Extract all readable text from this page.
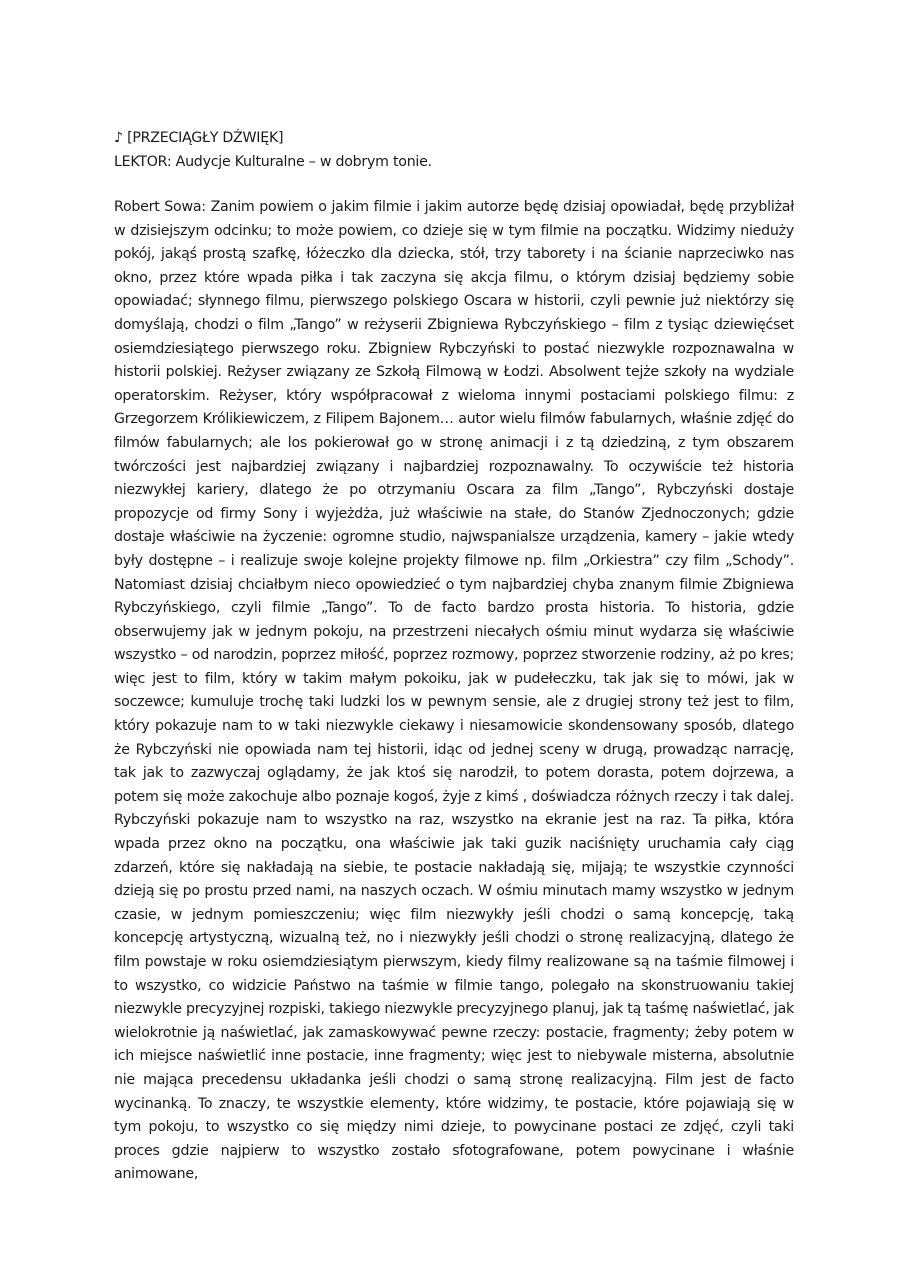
♪ [PRZECIĄGŁY DŹWIĘK]

LEKTOR: Audycje Kulturalne – w dobrym tonie.

Robert Sowa: Zanim powiem o jakim filmie i jakim autorze będę dzisiaj opowiadał, będę przybliżał w dzisiejszym odcinku; to może powiem, co dzieje się w tym filmie na początku. Widzimy nieduży pokój, jakąś prostą szafkę, łóżeczko dla dziecka, stół, trzy taborety i na ścianie naprzeciwko nas okno, przez które wpada piłka i tak zaczyna się akcja filmu, o którym dzisiaj będziemy sobie opowiadać; słynnego filmu, pierwszego polskiego Oscara w historii, czyli pewnie już niektórzy się domyślają, chodzi o film „Tango” w reżyserii Zbigniewa Rybczyńskiego – film z tysiąc dziewięćset osiemdziesiątego pierwszego roku. Zbigniew Rybczyński to postać niezwykle rozpoznawalna w historii polskiej. Reżyser związany ze Szkołą Filmową w Łodzi. Absolwent tejże szkoły na wydziale operatorskim. Reżyser, który współpracował z wieloma innymi postaciami polskiego filmu: z Grzegorzem Królikiewiczem, z Filipem Bajonem… autor wielu filmów fabularnych, właśnie zdjęć do filmów fabularnych; ale los pokierował go w stronę animacji i z tą dziedziną, z tym obszarem twórczości jest najbardziej związany i najbardziej rozpoznawalny. To oczywiście też historia niezwykłej kariery, dlatego że po otrzymaniu Oscara za film „Tango”, Rybczyński dostaje propozycje od firmy Sony i wyjeżdża, już właściwie na stałe, do Stanów Zjednoczonych; gdzie dostaje właściwie na życzenie: ogromne studio, najwspanialsze urządzenia, kamery – jakie wtedy były dostępne – i realizuje swoje kolejne projekty filmowe np. film „Orkiestra” czy film „Schody”. Natomiast dzisiaj chciałbym nieco opowiedzieć o tym najbardziej chyba znanym filmie Zbigniewa Rybczyńskiego, czyli filmie „Tango”. To de facto bardzo prosta historia. To historia, gdzie obserwujemy jak w jednym pokoju, na przestrzeni niecałych ośmiu minut wydarza się właściwie wszystko – od narodzin, poprzez miłość, poprzez rozmowy, poprzez stworzenie rodziny, aż po kres; więc jest to film, który w takim małym pokoiku, jak w pudełeczku, tak jak się to mówi, jak w soczewce; kumuluje trochę taki ludzki los w pewnym sensie, ale z drugiej strony też jest to film, który pokazuje nam to w taki niezwykle ciekawy i niesamowicie skondensowany sposób, dlatego że Rybczyński nie opowiada nam tej historii, idąc od jednej sceny w drugą, prowadząc narrację, tak jak to zazwyczaj oglądamy, że jak ktoś się narodził, to potem dorasta, potem dojrzewa, a potem się może zakochuje albo poznaje kogoś, żyje z kimś , doświadcza różnych rzeczy i tak dalej. Rybczyński pokazuje nam to wszystko na raz, wszystko na ekranie jest na raz. Ta piłka, która wpada przez okno na początku, ona właściwie jak taki guzik naciśnięty uruchamia cały ciąg zdarzeń, które się nakładają na siebie, te postacie nakładają się, mijają; te wszystkie czynności dzieją się po prostu przed nami, na naszych oczach. W ośmiu minutach mamy wszystko w jednym czasie, w jednym pomieszczeniu; więc film niezwykły jeśli chodzi o samą koncepcję, taką koncepcję artystyczną, wizualną też, no i niezwykły jeśli chodzi o stronę realizacyjną, dlatego że film powstaje w roku osiemdziesiątym pierwszym, kiedy filmy realizowane są na taśmie filmowej i to wszystko, co widzicie Państwo na taśmie w filmie tango, polegało na skonstruowaniu takiej niezwykle precyzyjnej rozpiski, takiego niezwykle precyzyjnego planuj, jak tą taśmę naświetlać, jak wielokrotnie ją naświetlać, jak zamaskowywać pewne rzeczy: postacie, fragmenty; żeby potem w ich miejsce naświetlić inne postacie, inne fragmenty; więc jest to niebywale misterna, absolutnie nie mająca precedensu układanka jeśli chodzi o samą stronę realizacyjną. Film jest de facto wycinanką. To znaczy, te wszystkie elementy, które widzimy, te postacie, które pojawiają się w tym pokoju, to wszystko co się między nimi dzieje, to powycinane postaci ze zdjęć, czyli taki proces gdzie najpierw to wszystko zostało sfotografowane, potem powycinane i właśnie animowane,
